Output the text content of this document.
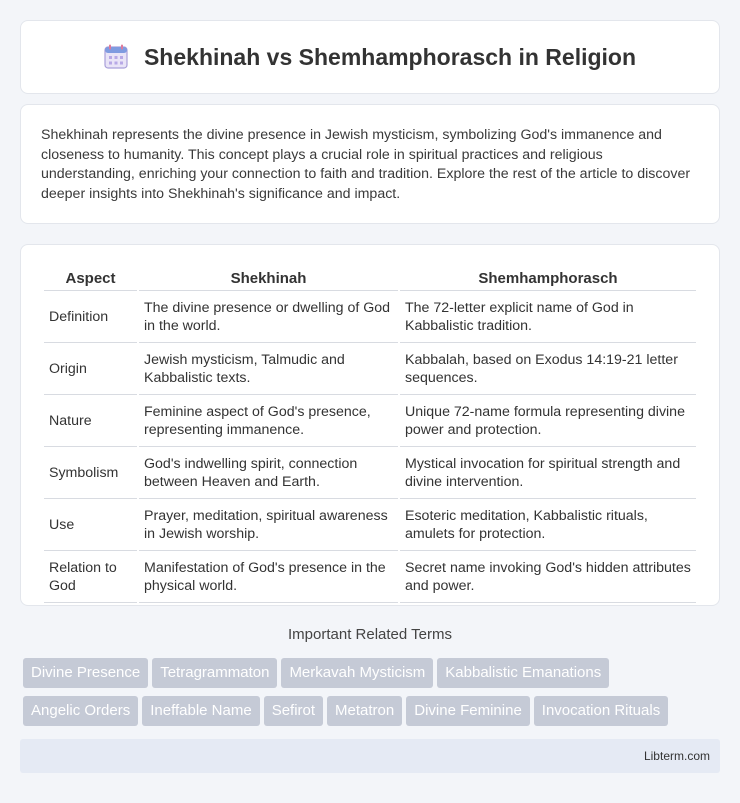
Shekhinah vs Shemhamphorasch in Religion

Shekhinah represents the divine presence in Jewish mysticism, symbolizing God's immanence and closeness to humanity. This concept plays a crucial role in spiritual practices and religious understanding, enriching your connection to faith and tradition. Explore the rest of the article to discover deeper insights into Shekhinah's significance and impact.

Aspect	Shekhinah	Shemhamphorasch
Definition	The divine presence or dwelling of God in the world.	The 72-letter explicit name of God in Kabbalistic tradition.
Origin	Jewish mysticism, Talmudic and Kabbalistic texts.	Kabbalah, based on Exodus 14:19-21 letter sequences.
Nature	Feminine aspect of God's presence, representing immanence.	Unique 72-name formula representing divine power and protection.
Symbolism	God's indwelling spirit, connection between Heaven and Earth.	Mystical invocation for spiritual strength and divine intervention.
Use	Prayer, meditation, spiritual awareness in Jewish worship.	Esoteric meditation, Kabbalistic rituals, amulets for protection.
Relation to God	Manifestation of God's presence in the physical world.	Secret name invoking God's hidden attributes and power.
Important Related Terms
Divine Presence Tetragrammaton Merkavah Mysticism Kabbalistic Emanations
Angelic Orders Ineffable Name Sefirot Metatron Divine Feminine Invocation Rituals
Libterm.com
